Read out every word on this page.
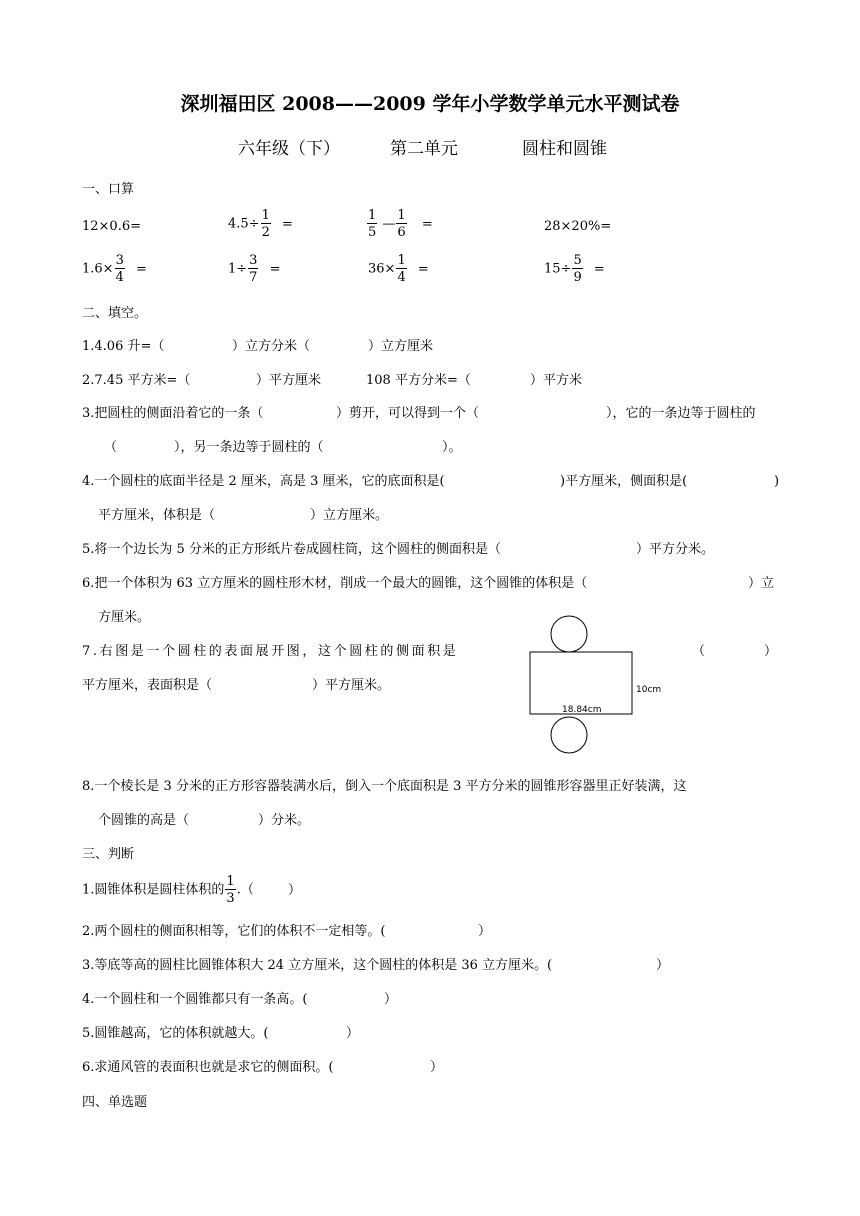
深圳福田区 2008——2009 学年小学数学单元水平测试卷
六年级（下）	第二单元	圆柱和圆锥
一、口算
12×0.6=	$4.5\div \frac{1}{2}$ =	$\frac{1}{5}$ — $\frac{1}{6}$ =	28×20%=
$1.6\times \frac{3}{4}$ =	$1\div \frac{3}{7}$ =	$36\times \frac{1}{4}$ =	$15\div \frac{5}{9}$ =
二、填空。
1.4.06 升=（	）立方分米（	）立方厘米
2.7.45 平方米=（	）平方厘米	108 平方分米=（	）平方米
3.把圆柱的侧面沿着它的一条（	）剪开，可以得到一个（	），它的一条边等于圆柱的
（	），另一条边等于圆柱的（	）。
4.一个圆柱的底面半径是 2 厘米，高是 3 厘米，它的底面积是(	)平方厘米，侧面积是(	)
平方厘米，体积是（	）立方厘米。
5.将一个边长为 5 分米的正方形纸片卷成圆柱筒，这个圆柱的侧面积是（	）平方分米。
6.把一个体积为 63 立方厘米的圆柱形木材，削成一个最大的圆锥，这个圆锥的体积是（	）立
方厘米。
7.右图是一个圆柱的表面展开图，这个圆柱的侧面积是	（	）
平方厘米，表面积是（	）平方厘米。	10cm
18.84cm
8.一个棱长是 3 分米的正方形容器装满水后，倒入一个底面积是 3 平方分米的圆锥形容器里正好装满，这
个圆锥的高是（	）分米。
三、判断
1.圆锥体积是圆柱体积的 $\frac{1}{3}$ .（	）
2.两个圆柱的侧面积相等，它们的体积不一定相等。(	）
3.等底等高的圆柱比圆锥体积大 24 立方厘米，这个圆柱的体积是 36 立方厘米。(	）
4.一个圆柱和一个圆锥都只有一条高。(	）
5.圆锥越高，它的体积就越大。(	）
6.求通风管的表面积也就是求它的侧面积。(	）
四、单选题
